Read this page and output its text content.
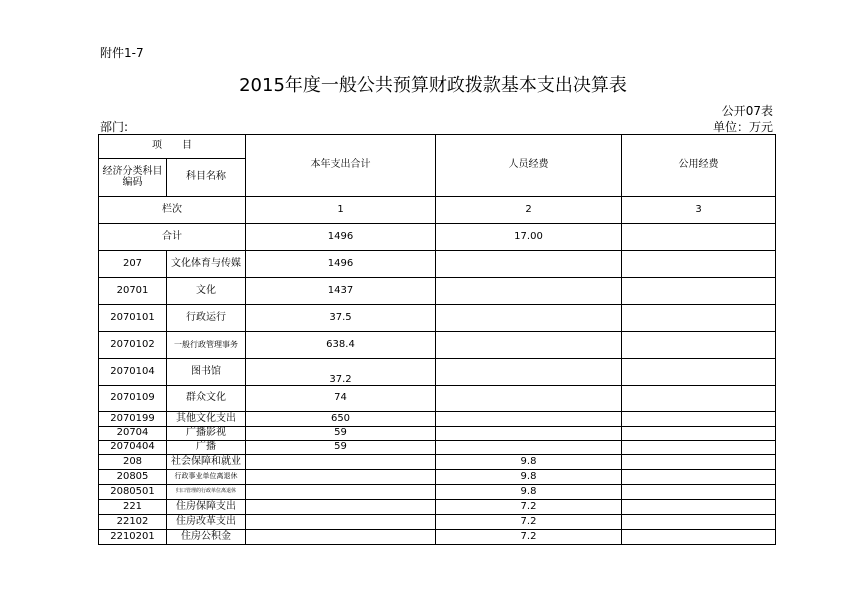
附件1-7
2015年度一般公共预算财政拨款基本支出决算表
公开07表
部门:	单位：万元
项　　目		本年支出合计	人员经费	公用经费
经济分类科目编码	科目名称			
栏次		1	2	3
合计		1496	17.00	
207	文化体育与传媒	1496		
20701	文化	1437		
2070101	行政运行	37.5		
2070102	一般行政管理事务	638.4		
2070104	图书馆	37.2		
2070109	群众文化	74		
2070199	其他文化支出	650		
20704	广播影视	59		
2070404	广播	59		
208	社会保障和就业		9.8	
20805	行政事业单位离退休		9.8	
2080501	归口管理的行政单位离退休		9.8	
221	住房保障支出		7.2	
22102	住房改革支出		7.2	
2210201	住房公积金		7.2	
